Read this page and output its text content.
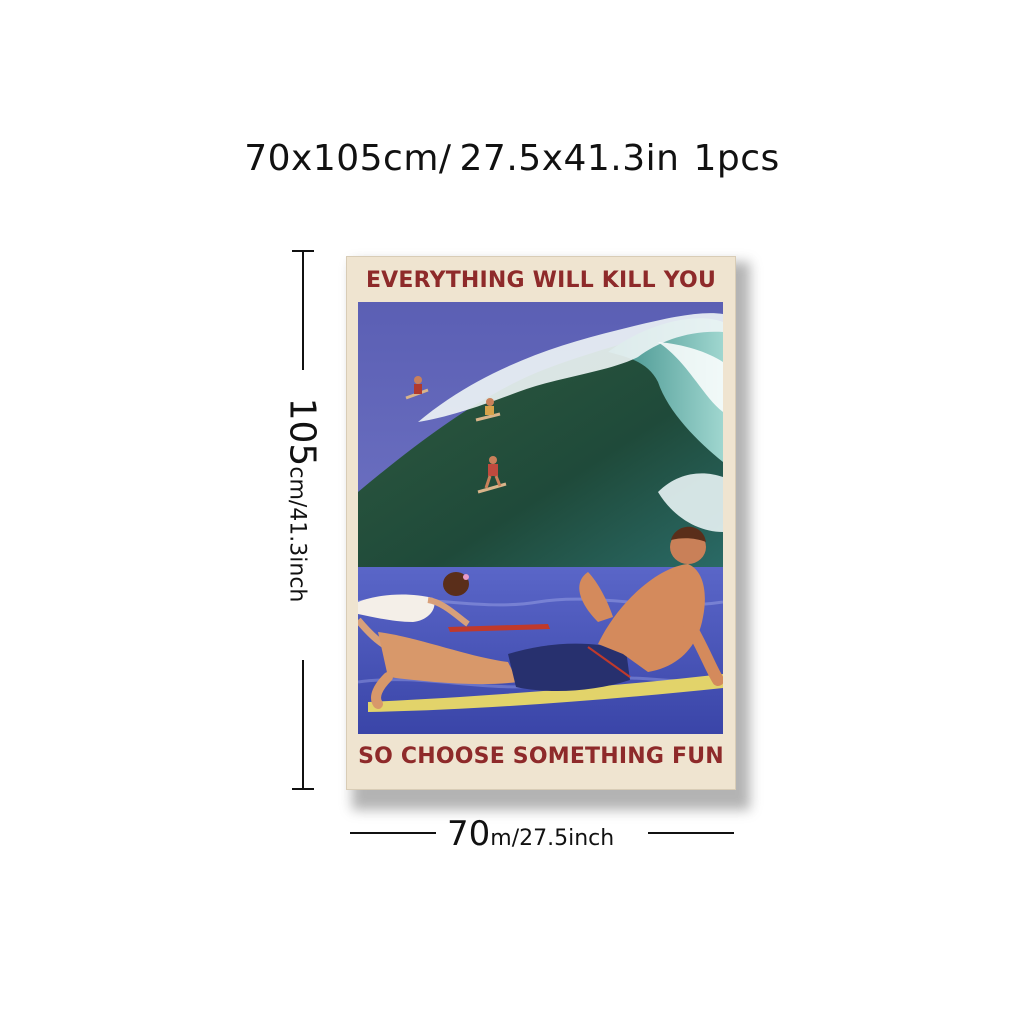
70x105cm/ 27.5x41.3in 1pcs
105cm/41.3inch
EVERYTHING WILL KILL YOU
SO CHOOSE SOMETHING FUN
70m/27.5inch
